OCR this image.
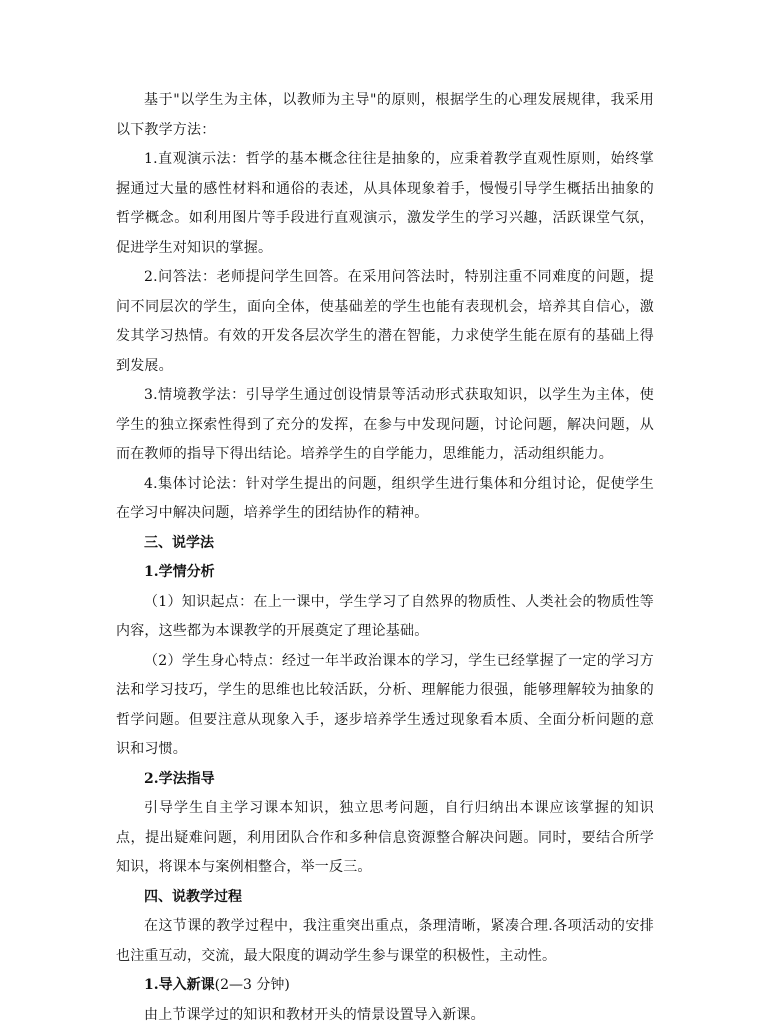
基于"以学生为主体，以教师为主导"的原则，根据学生的心理发展规律，我采用以下教学方法：

1.直观演示法：哲学的基本概念往往是抽象的，应秉着教学直观性原则，始终掌握通过大量的感性材料和通俗的表述，从具体现象着手，慢慢引导学生概括出抽象的哲学概念。如利用图片等手段进行直观演示，激发学生的学习兴趣，活跃课堂气氛，促进学生对知识的掌握。

2.问答法：老师提问学生回答。在采用问答法时，特别注重不同难度的问题，提问不同层次的学生，面向全体，使基础差的学生也能有表现机会，培养其自信心，激发其学习热情。有效的开发各层次学生的潜在智能，力求使学生能在原有的基础上得到发展。

3.情境教学法：引导学生通过创设情景等活动形式获取知识，以学生为主体，使学生的独立探索性得到了充分的发挥，在参与中发现问题，讨论问题，解决问题，从而在教师的指导下得出结论。培养学生的自学能力，思维能力，活动组织能力。

4.集体讨论法：针对学生提出的问题，组织学生进行集体和分组讨论，促使学生在学习中解决问题，培养学生的团结协作的精神。

三、说学法

1.学情分析

（1）知识起点：在上一课中，学生学习了自然界的物质性、人类社会的物质性等内容，这些都为本课教学的开展奠定了理论基础。

（2）学生身心特点：经过一年半政治课本的学习，学生已经掌握了一定的学习方法和学习技巧，学生的思维也比较活跃，分析、理解能力很强，能够理解较为抽象的哲学问题。但要注意从现象入手，逐步培养学生透过现象看本质、全面分析问题的意识和习惯。

2.学法指导

引导学生自主学习课本知识，独立思考问题，自行归纳出本课应该掌握的知识点，提出疑难问题，利用团队合作和多种信息资源整合解决问题。同时，要结合所学知识，将课本与案例相整合，举一反三。

四、说教学过程

在这节课的教学过程中，我注重突出重点，条理清晰，紧凑合理.各项活动的安排也注重互动，交流，最大限度的调动学生参与课堂的积极性，主动性。

1.导入新课(2—3 分钟)

由上节课学过的知识和教材开头的情景设置导入新课。
